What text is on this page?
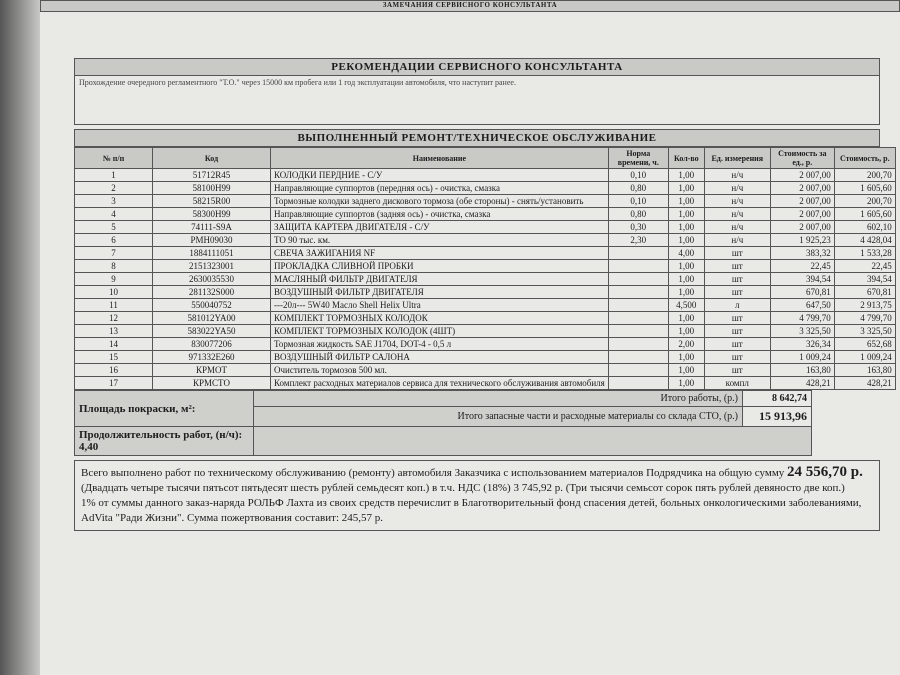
ЗАМЕЧАНИЯ СЕРВИСНОГО КОНСУЛЬТАНТА
РЕКОМЕНДАЦИИ СЕРВИСНОГО КОНСУЛЬТАНТА
Прохождение очередного регламентного "Т.О." через 15000 км пробега или 1 год эксплуатации автомобиля, что наступит ранее.
ВЫПОЛНЕННЫЙ РЕМОНТ/ТЕХНИЧЕСКОЕ ОБСЛУЖИВАНИЕ
№ п/п	Код	Наименование	Норма времени, ч.	Кол-во	Ед. измерения	Стоимость за ед., р.	Стоимость, р.
1	51712R45	КОЛОДКИ ПЕРДНИЕ - С/У	0,10	1,00	н/ч	2 007,00	200,70
2	58100H99	Направляющие суппортов (передняя ось) - очистка, смазка	0,80	1,00	н/ч	2 007,00	1 605,60
3	58215R00	Тормозные колодки заднего дискового тормоза (обе стороны) - снять/установить	0,10	1,00	н/ч	2 007,00	200,70
4	58300H99	Направляющие суппортов (задняя ось) - очистка, смазка	0,80	1,00	н/ч	2 007,00	1 605,60
5	74111-S9A	ЗАЩИТА КАРТЕРА ДВИГАТЕЛЯ - С/У	0,30	1,00	н/ч	2 007,00	602,10
6	PMH09030	ТО 90 тыс. км.	2,30	1,00	н/ч	1 925,23	4 428,04
7	1884111051	СВЕЧА ЗАЖИГАНИЯ NF		4,00	шт	383,32	1 533,28
8	2151323001	ПРОКЛАДКА СЛИВНОЙ ПРОБКИ		1,00	шт	22,45	22,45
9	2630035530	МАСЛЯНЫЙ ФИЛЬТР ДВИГАТЕЛЯ		1,00	шт	394,54	394,54
10	281132S000	ВОЗДУШНЫЙ ФИЛЬТР ДВИГАТЕЛЯ		1,00	шт	670,81	670,81
11	550040752	---20л--- 5W40 Масло Shell Helix Ultra		4,500	л	647,50	2 913,75
12	581012YA00	КОМПЛЕКТ ТОРМОЗНЫХ КОЛОДОК		1,00	шт	4 799,70	4 799,70
13	583022YA50	КОМПЛЕКТ ТОРМОЗНЫХ КОЛОДОК (4ШТ)		1,00	шт	3 325,50	3 325,50
14	830077206	Тормозная жидкость SAE J1704, DOT-4 - 0,5 л		2,00	шт	326,34	652,68
15	971332E260	ВОЗДУШНЫЙ ФИЛЬТР САЛОНА		1,00	шт	1 009,24	1 009,24
16	КРМОТ	Очиститель тормозов 500 мл.		1,00	шт	163,80	163,80
17	КРМСТО	Комплект расходных материалов сервиса для технического обслуживания автомобиля		1,00	компл	428,21	428,21
Площадь покраски, м²:	Итого работы, (р.)	8 642,74
	Итого запасные части и расходные материалы со склада СТО, (р.)	15 913,96
Продолжительность работ, (н/ч): 4,40		
Всего выполнено работ по техническому обслуживанию (ремонту) автомобиля Заказчика с использованием материалов Подрядчика на общую сумму 24 556,70 р. (Двадцать четыре тысячи пятьсот пятьдесят шесть рублей семьдесят коп.) в т.ч. НДС (18%) 3 745,92 р. (Три тысячи семьсот сорок пять рублей девяносто две коп.)
1% от суммы данного заказ-наряда РОЛЬФ Лахта из своих средств перечислит в Благотворительный фонд спасения детей, больных онкологическими заболеваниями, AdVita "Ради Жизни". Сумма пожертвования составит: 245,57 р.
